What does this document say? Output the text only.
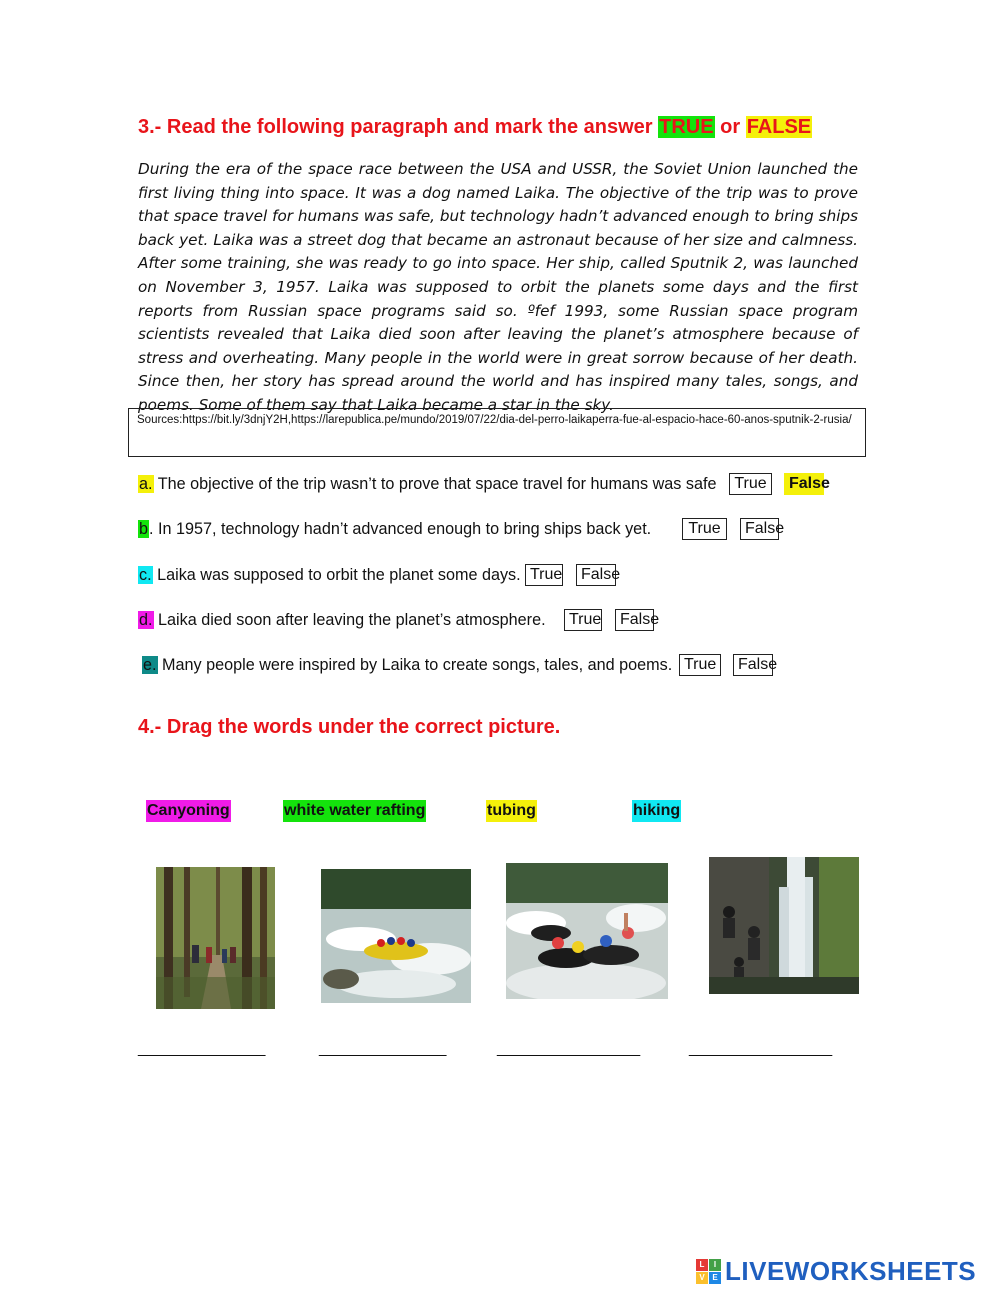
3.- Read the following paragraph and mark the answer TRUE or FALSE
During the era of the space race between the USA and USSR, the Soviet Union launched the first living thing into space. It was a dog named Laika. The objective of the trip was to prove that space travel for humans was safe, but technology hadn’t advanced enough to bring ships back yet. Laika was a street dog that became an astronaut because of her size and calmness. After some training, she was ready to go into space. Her ship, called Sputnik 2, was launched on November 3, 1957. Laika was supposed to orbit the planets some days and the first reports from Russian space programs said so. ºfef 1993, some Russian space program scientists revealed that Laika died soon after leaving the planet’s atmosphere because of stress and overheating. Many people in the world were in great sorrow because of her death. Since then, her story has spread around the world and has inspired many tales, songs, and poems. Some of them say that Laika became a star in the sky.
Sources:https://bit.ly/3dnjY2H,https://larepublica.pe/mundo/2019/07/22/dia-del-perro-laikaperra-fue-al-espacio-hace-60-anos-sputnik-2-rusia/
a. The objective of the trip wasn’t to prove that space travel for humans was safe	True	False
b. In 1957, technology hadn’t advanced enough to bring ships back yet.	True	False
c. Laika was supposed to orbit the planet some days. True	False
d. Laika died soon after leaving the planet’s atmosphere.	True	False
e. Many people were inspired by Laika to create songs, tales, and poems. True	False
4.- Drag the words under the correct picture.
Canyoning	white water rafting	tubing	hiking
________________	________________	__________________	__________________
L	I
V E LIVEWORKSHEETS
